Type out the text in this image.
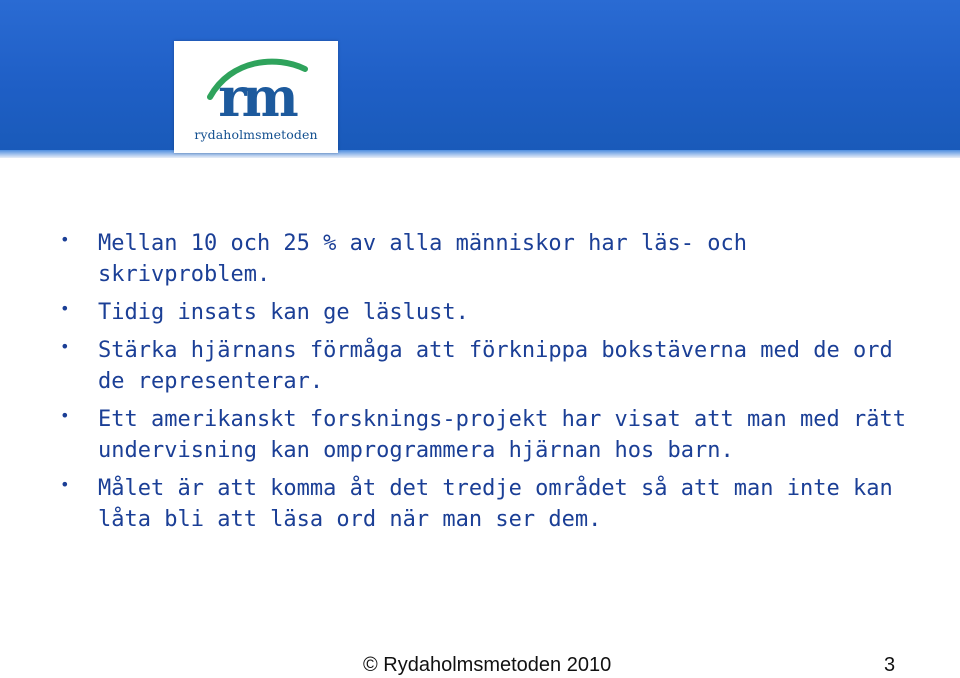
rm
rydaholmsmetoden
• Mellan 10 och 25 % av alla människor har läs- och skrivproblem.
• Tidig insats kan ge läslust.
• Stärka hjärnans förmåga att förknippa bokstäverna med de ord de representerar.
• Ett amerikanskt forsknings-projekt har visat att man med rätt undervisning kan omprogrammera hjärnan hos barn.
• Målet är att komma åt det tredje området så att man inte kan låta bli att läsa ord när man ser dem.
© Rydaholmsmetoden 2010	3
